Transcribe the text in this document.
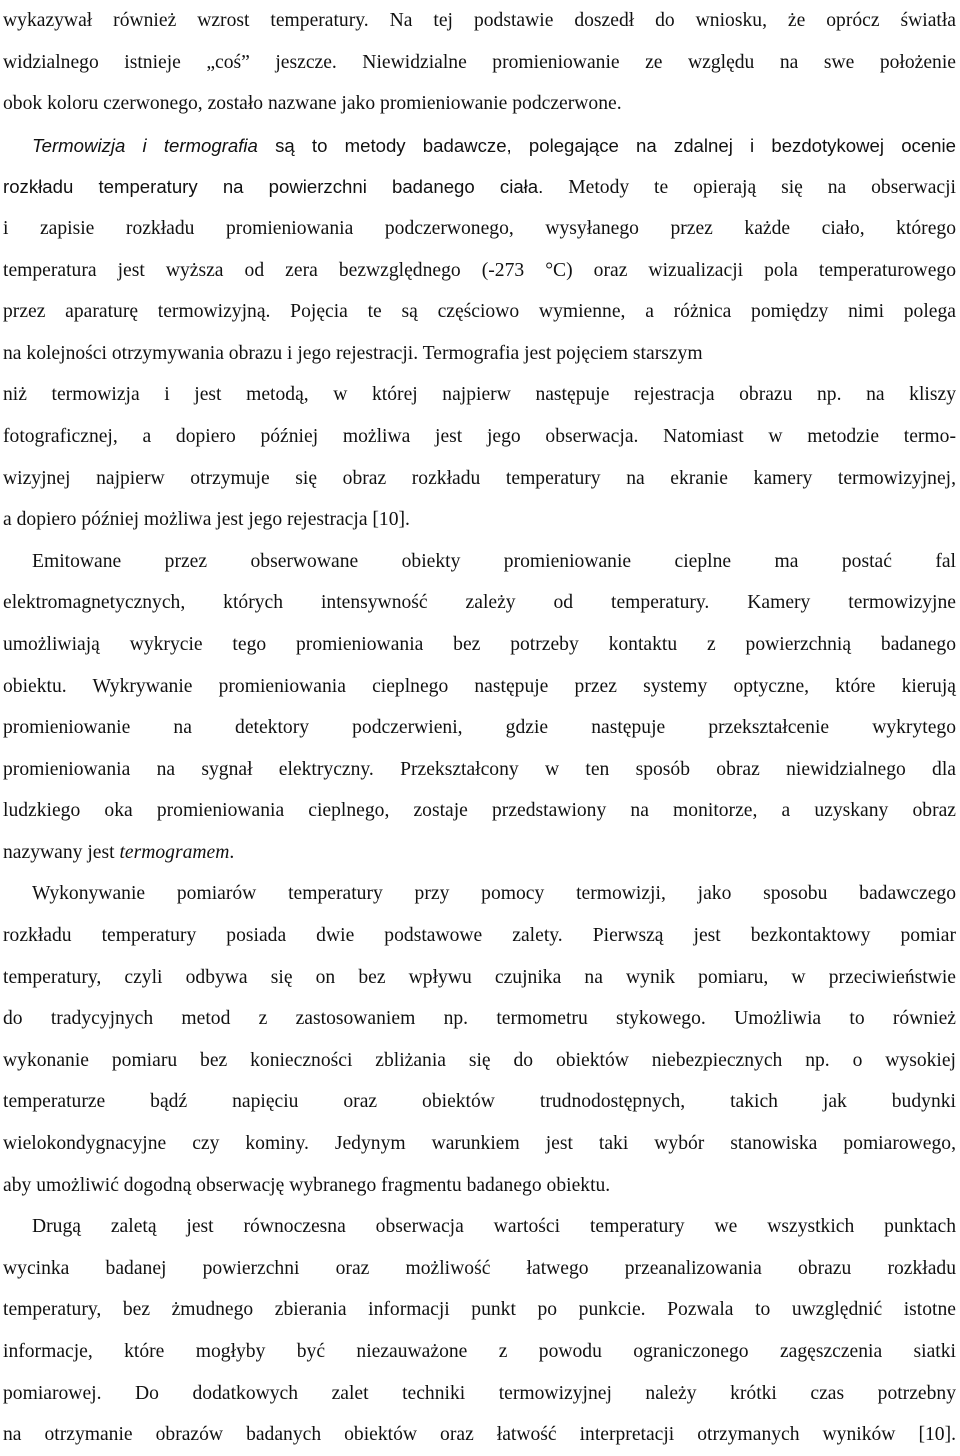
wykazywał również wzrost temperatury. Na tej podstawie doszedł do wniosku, że oprócz światła
widzialnego istnieje „coś” jeszcze. Niewidzialne promieniowanie ze względu na swe położenie
obok koloru czerwonego, zostało nazwane jako promieniowanie podczerwone.
Termowizja i termografia są to metody badawcze, polegające na zdalnej i bezdotykowej ocenie
rozkładu temperatury na powierzchni badanego ciała. Metody te opierają się na obserwacji
i zapisie rozkładu promieniowania podczerwonego, wysyłanego przez każde ciało, którego
temperatura jest wyższa od zera bezwzględnego (-273 °C) oraz wizualizacji pola temperaturowego
przez aparaturę termowizyjną. Pojęcia te są częściowo wymienne, a różnica pomiędzy nimi polega
na kolejności otrzymywania obrazu i jego rejestracji. Termografia jest pojęciem starszym
niż termowizja i jest metodą, w której najpierw następuje rejestracja obrazu np. na kliszy
fotograficznej, a dopiero później możliwa jest jego obserwacja. Natomiast w metodzie termo-
wizyjnej najpierw otrzymuje się obraz rozkładu temperatury na ekranie kamery termowizyjnej,
a dopiero później możliwa jest jego rejestracja [10].
Emitowane przez obserwowane obiekty promieniowanie cieplne ma postać fal
elektromagnetycznych, których intensywność zależy od temperatury. Kamery termowizyjne
umożliwiają wykrycie tego promieniowania bez potrzeby kontaktu z powierzchnią badanego
obiektu. Wykrywanie promieniowania cieplnego następuje przez systemy optyczne, które kierują
promieniowanie na detektory podczerwieni, gdzie następuje przekształcenie wykrytego
promieniowania na sygnał elektryczny. Przekształcony w ten sposób obraz niewidzialnego dla
ludzkiego oka promieniowania cieplnego, zostaje przedstawiony na monitorze, a uzyskany obraz
nazywany jest termogramem.
Wykonywanie pomiarów temperatury przy pomocy termowizji, jako sposobu badawczego
rozkładu temperatury posiada dwie podstawowe zalety. Pierwszą jest bezkontaktowy pomiar
temperatury, czyli odbywa się on bez wpływu czujnika na wynik pomiaru, w przeciwieństwie
do tradycyjnych metod z zastosowaniem np. termometru stykowego. Umożliwia to również
wykonanie pomiaru bez konieczności zbliżania się do obiektów niebezpiecznych np. o wysokiej
temperaturze bądź napięciu oraz obiektów trudnodostępnych, takich jak budynki
wielokondygnacyjne czy kominy. Jedynym warunkiem jest taki wybór stanowiska pomiarowego,
aby umożliwić dogodną obserwację wybranego fragmentu badanego obiektu.
Drugą zaletą jest równoczesna obserwacja wartości temperatury we wszystkich punktach
wycinka badanej powierzchni oraz możliwość łatwego przeanalizowania obrazu rozkładu
temperatury, bez żmudnego zbierania informacji punkt po punkcie. Pozwala to uwzględnić istotne
informacje, które mogłyby być niezauważone z powodu ograniczonego zagęszczenia siatki
pomiarowej. Do dodatkowych zalet techniki termowizyjnej należy krótki czas potrzebny
na otrzymanie obrazów badanych obiektów oraz łatwość interpretacji otrzymanych wyników [10].
